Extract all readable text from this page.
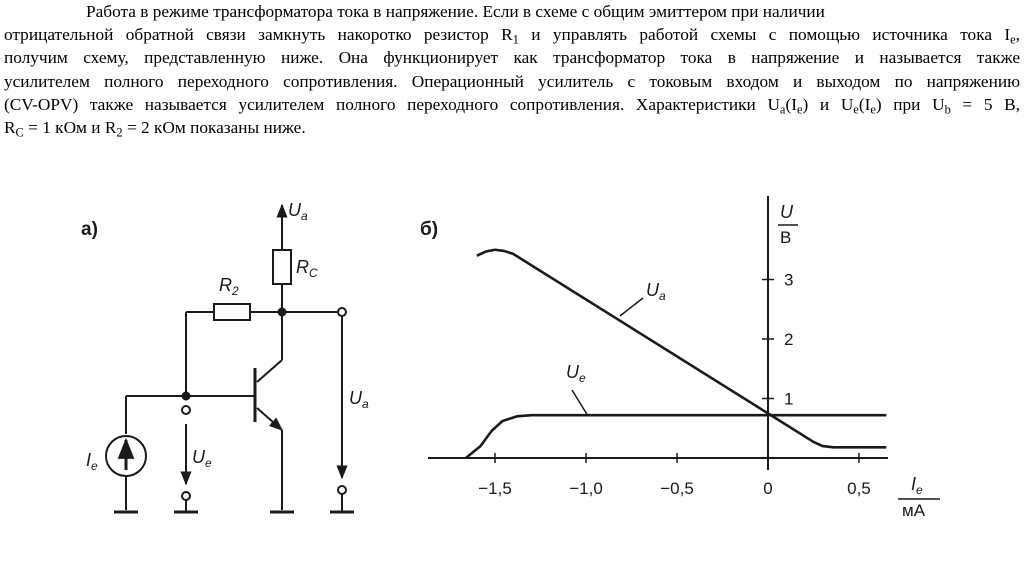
Работа в режиме трансформатора тока в напряжение. Если в схеме с общим эмиттером при наличии
отрицательной обратной связи замкнуть накоротко резистор $R_1$ и управлять работой схемы с помощью источника тока $I_e$,
получим схему, представленную ниже. Она функционирует как трансформатор тока в напряжение и называется также
усилителем полного переходного сопротивления. Операционный усилитель с токовым входом и выходом по напряжению
(CV-OPV) также называется усилителем полного переходного сопротивления. Характеристики $U_a(I_e)$ и $U_e(I_e)$ при $U_b = 5$ В,
$R_C = 1$ кОм и $R_2 = 2$ кОм показаны ниже.
а)
$U_a$
$R_C$
$R_2$
$U_e$
$I_e$
$U_a$
б)
−1,5	−1,0	−0,5	0	0,5
1
2
3
U
В
$I_e$
мА
$U_a$
$U_e$
